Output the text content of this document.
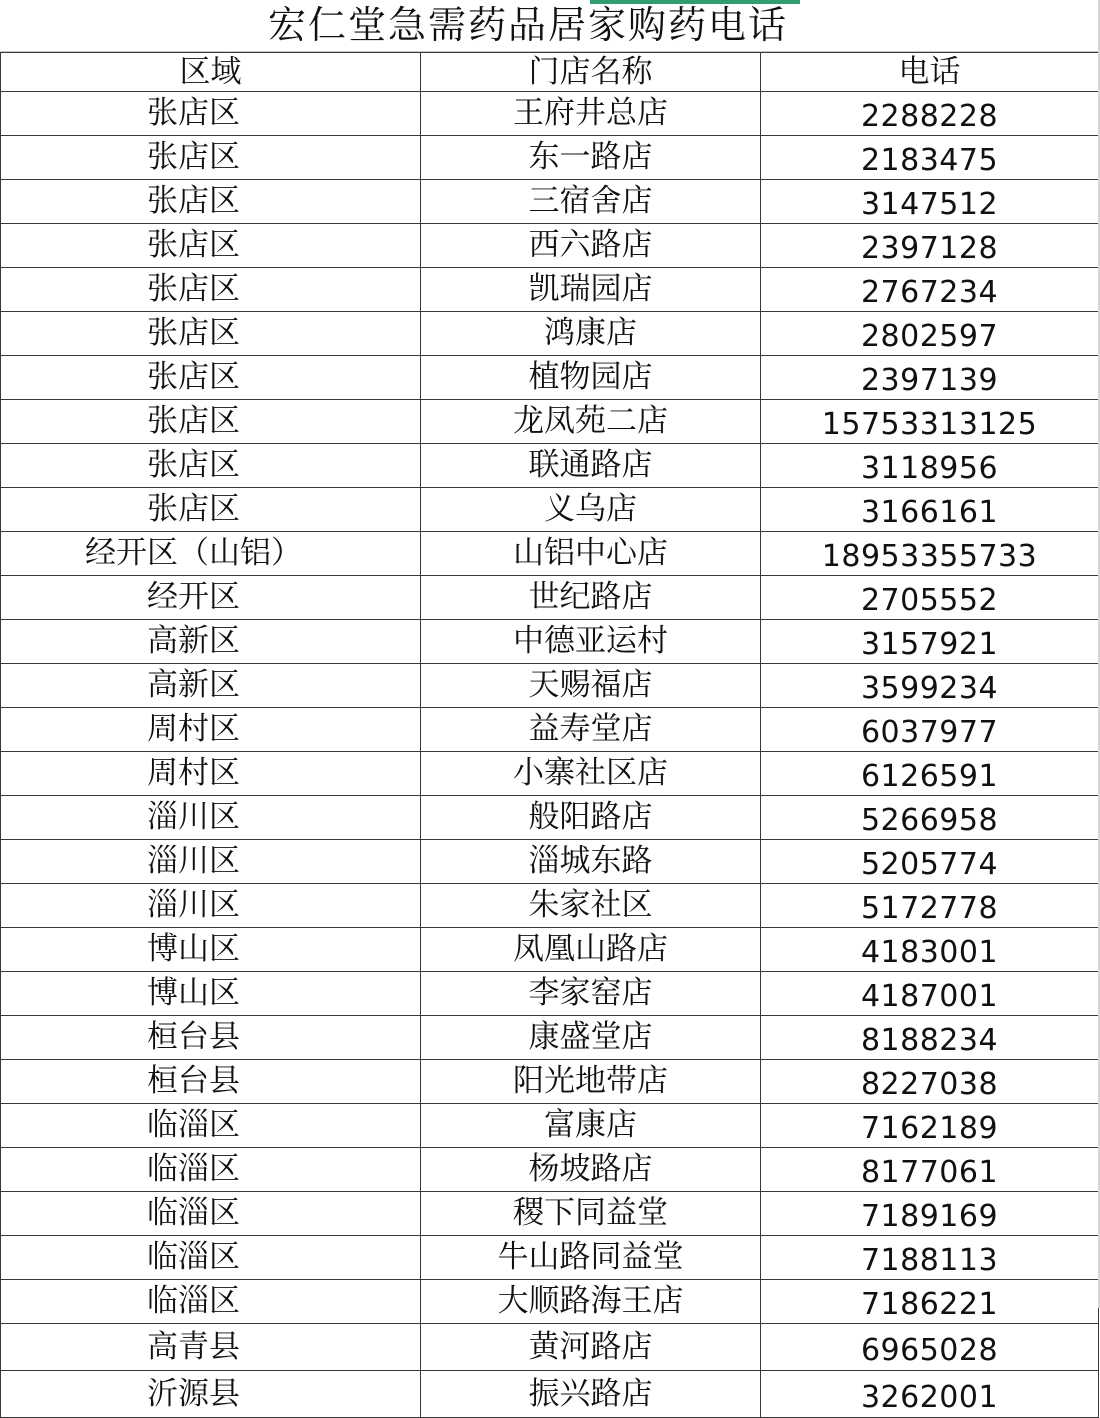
宏仁堂急需药品居家购药电话
区域	门店名称	电话
张店区	王府井总店	2288228
张店区	东一路店	2183475
张店区	三宿舍店	3147512
张店区	西六路店	2397128
张店区	凯瑞园店	2767234
张店区	鸿康店	2802597
张店区	植物园店	2397139
张店区	龙凤苑二店	15753313125
张店区	联通路店	3118956
张店区	义乌店	3166161
经开区（山铝）	山铝中心店	18953355733
经开区	世纪路店	2705552
高新区	中德亚运村	3157921
高新区	天赐福店	3599234
周村区	益寿堂店	6037977
周村区	小寨社区店	6126591
淄川区	般阳路店	5266958
淄川区	淄城东路	5205774
淄川区	朱家社区	5172778
博山区	凤凰山路店	4183001
博山区	李家窑店	4187001
桓台县	康盛堂店	8188234
桓台县	阳光地带店	8227038
临淄区	富康店	7162189
临淄区	杨坡路店	8177061
临淄区	稷下同益堂	7189169
临淄区	牛山路同益堂	7188113
临淄区	大顺路海王店	7186221
高青县	黄河路店	6965028
沂源县	振兴路店	3262001
